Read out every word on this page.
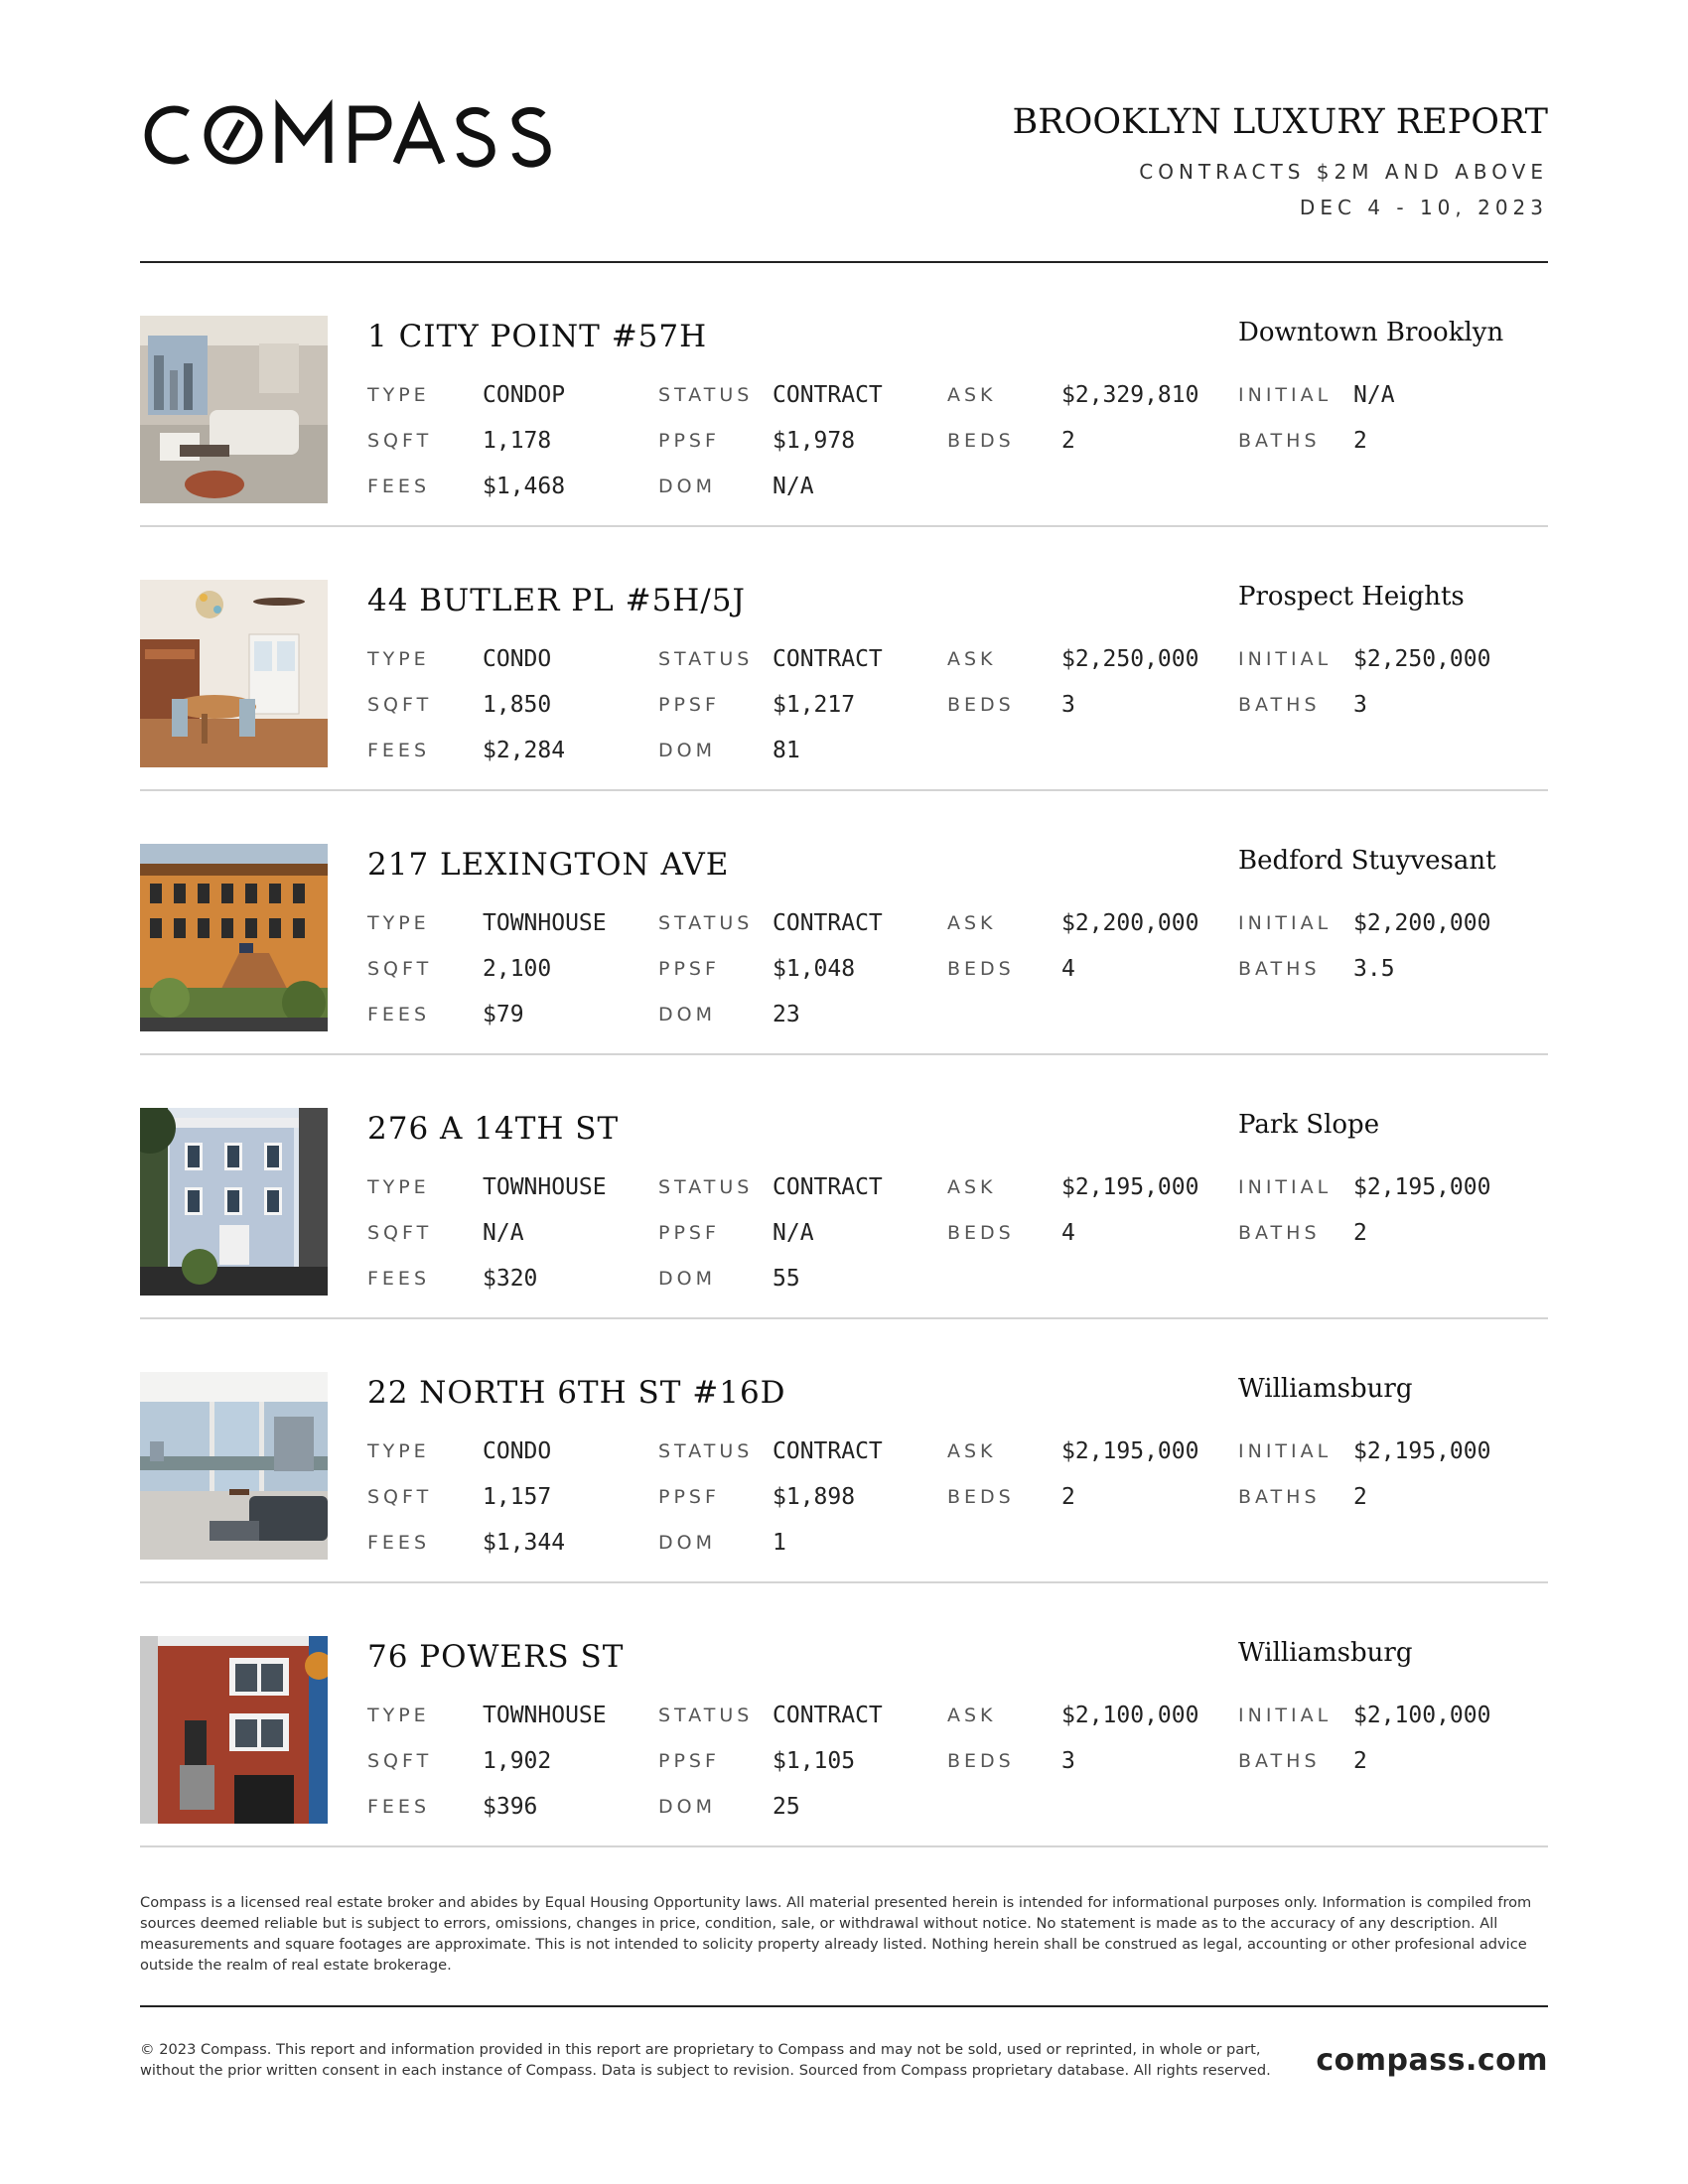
BROOKLYN LUXURY REPORT
CONTRACTS $2M AND ABOVE
DEC 4 - 10, 2023
1 CITY POINT #57H	Downtown Brooklyn
TYPE CONDOP	STATUS CONTRACT	ASK	$2,329,810 INITIAL N/A
SQFT 1,178	PPSF $1,978	BEDS 2	BATHS 2
FEES $1,468	DOM N/A
44 BUTLER PL #5H/5J	Prospect Heights
TYPE CONDO	STATUS CONTRACT	ASK	$2,250,000 INITIAL $2,250,000
SQFT 1,850	PPSF $1,217	BEDS 3	BATHS 3
FEES $2,284	DOM 81
217 LEXINGTON AVE	Bedford Stuyvesant
TYPE TOWNHOUSE	STATUS CONTRACT	ASK	$2,200,000 INITIAL $2,200,000
SQFT 2,100	PPSF $1,048	BEDS 4	BATHS 3.5
FEES $79	DOM 23
276 A 14TH ST	Park Slope
TYPE TOWNHOUSE	STATUS CONTRACT	ASK	$2,195,000 INITIAL $2,195,000
SQFT N/A	PPSF N/A	BEDS 4	BATHS 2
FEES $320	DOM 55
22 NORTH 6TH ST #16D	Williamsburg
TYPE CONDO	STATUS CONTRACT	ASK	$2,195,000 INITIAL $2,195,000
SQFT 1,157	PPSF $1,898	BEDS 2	BATHS 2
FEES $1,344	DOM 1
76 POWERS ST	Williamsburg
TYPE TOWNHOUSE	STATUS CONTRACT	ASK	$2,100,000 INITIAL $2,100,000
SQFT 1,902	PPSF $1,105	BEDS 3	BATHS 2
FEES $396	DOM 25
Compass is a licensed real estate broker and abides by Equal Housing Opportunity laws. All material presented herein is intended for informational purposes only. Information is compiled from sources deemed reliable but is subject to errors, omissions, changes in price, condition, sale, or withdrawal without notice. No statement is made as to the accuracy of any description. All measurements and square footages are approximate. This is not intended to solicity property already listed. Nothing herein shall be construed as legal, accounting or other profesional advice outside the realm of real estate brokerage.
© 2023 Compass. This report and information provided in this report are proprietary to Compass and may not be sold, used or reprinted, in whole or part, without the prior written consent in each instance of Compass. Data is subject to revision. Sourced from Compass proprietary database. All rights reserved.	compass.com
